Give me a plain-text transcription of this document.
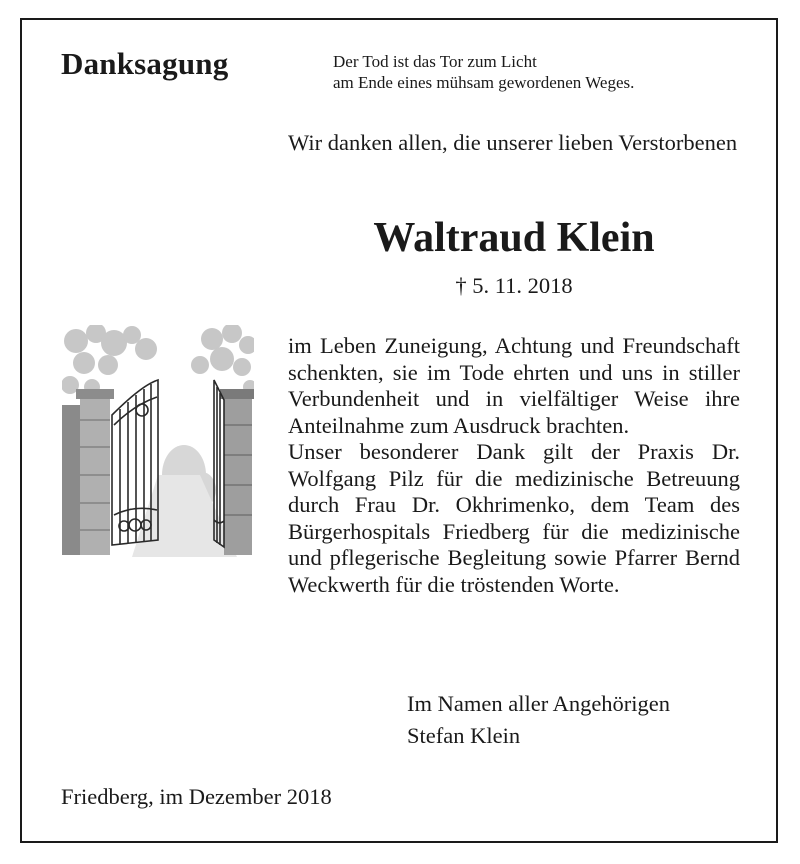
Danksagung	Der Tod ist das Tor zum Licht
am Ende eines mühsam gewordenen Weges.
Wir danken allen, die unserer lieben Verstorbenen
Waltraud Klein
† 5. 11. 2018

im Leben Zuneigung, Achtung und Freundschaft schenkten, sie im Tode ehrten und uns in stiller Verbundenheit und in vielfältiger Weise ihre Anteilnahme zum Ausdruck brachten.

Unser besonderer Dank gilt der Praxis Dr. Wolfgang Pilz für die medizinische Betreuung durch Frau Dr. Okhrimenko, dem Team des Bürgerhospitals Friedberg für die medizinische und pflegerische Begleitung sowie Pfarrer Bernd Weckwerth für die tröstenden Worte.

Im Namen aller Angehörigen
Stefan Klein
Friedberg, im Dezember 2018
